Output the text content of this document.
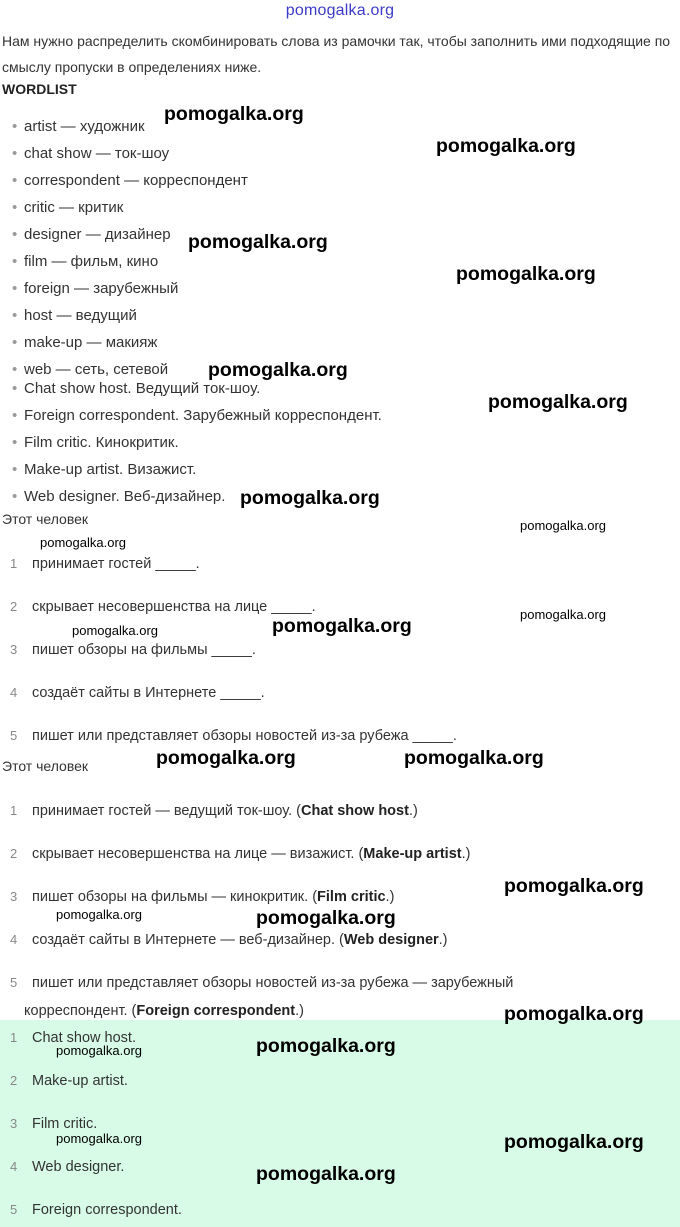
pomogalka.org
Нам нужно распределить скомбинировать слова из рамочки так, чтобы заполнить ими подходящие по смыслу пропуски в определениях ниже.
WORDLIST
• artist — художник
• chat show — ток-шоу
• correspondent — корреспондент
• critic — критик
• designer — дизайнер
• film — фильм, кино
• foreign — зарубежный
• host — ведущий
• make-up — макияж
• web — сеть, сетевой
• Chat show host. Ведущий ток-шоу.
• Foreign correspondent. Зарубежный корреспондент.
• Film critic. Кинокритик.
• Make-up artist. Визажист.
• Web designer. Веб-дизайнер.
Этот человек
1 принимает гостей _____.
2 скрывает несовершенства на лице _____.
3 пишет обзоры на фильмы _____.
4 создаёт сайты в Интернете _____.
5 пишет или представляет обзоры новостей из-за рубежа _____.
Этот человек
1 принимает гостей — ведущий ток-шоу. (Chat show host.)
2 скрывает несовершенства на лице — визажист. (Make-up artist.)
3 пишет обзоры на фильмы — кинокритик. (Film critic.)
4 создаёт сайты в Интернете — веб-дизайнер. (Web designer.)
5 пишет или представляет обзоры новостей из-за рубежа — зарубежный
корреспондент. (Foreign correspondent.)
1 Chat show host.
2 Make-up artist.
3 Film critic.
4 Web designer.
5 Foreign correspondent.
pomogalka.org
pomogalka.org
pomogalka.org
pomogalka.org
pomogalka.org
pomogalka.org
pomogalka.org
pomogalka.org
pomogalka.org
pomogalka.org
pomogalka.org
pomogalka.org
pomogalka.org	pomogalka.org
pomogalka.org
pomogalka.org	pomogalka.org
pomogalka.org
pomogalka.org	pomogalka.org
pomogalka.org	pomogalka.org
pomogalka.org
